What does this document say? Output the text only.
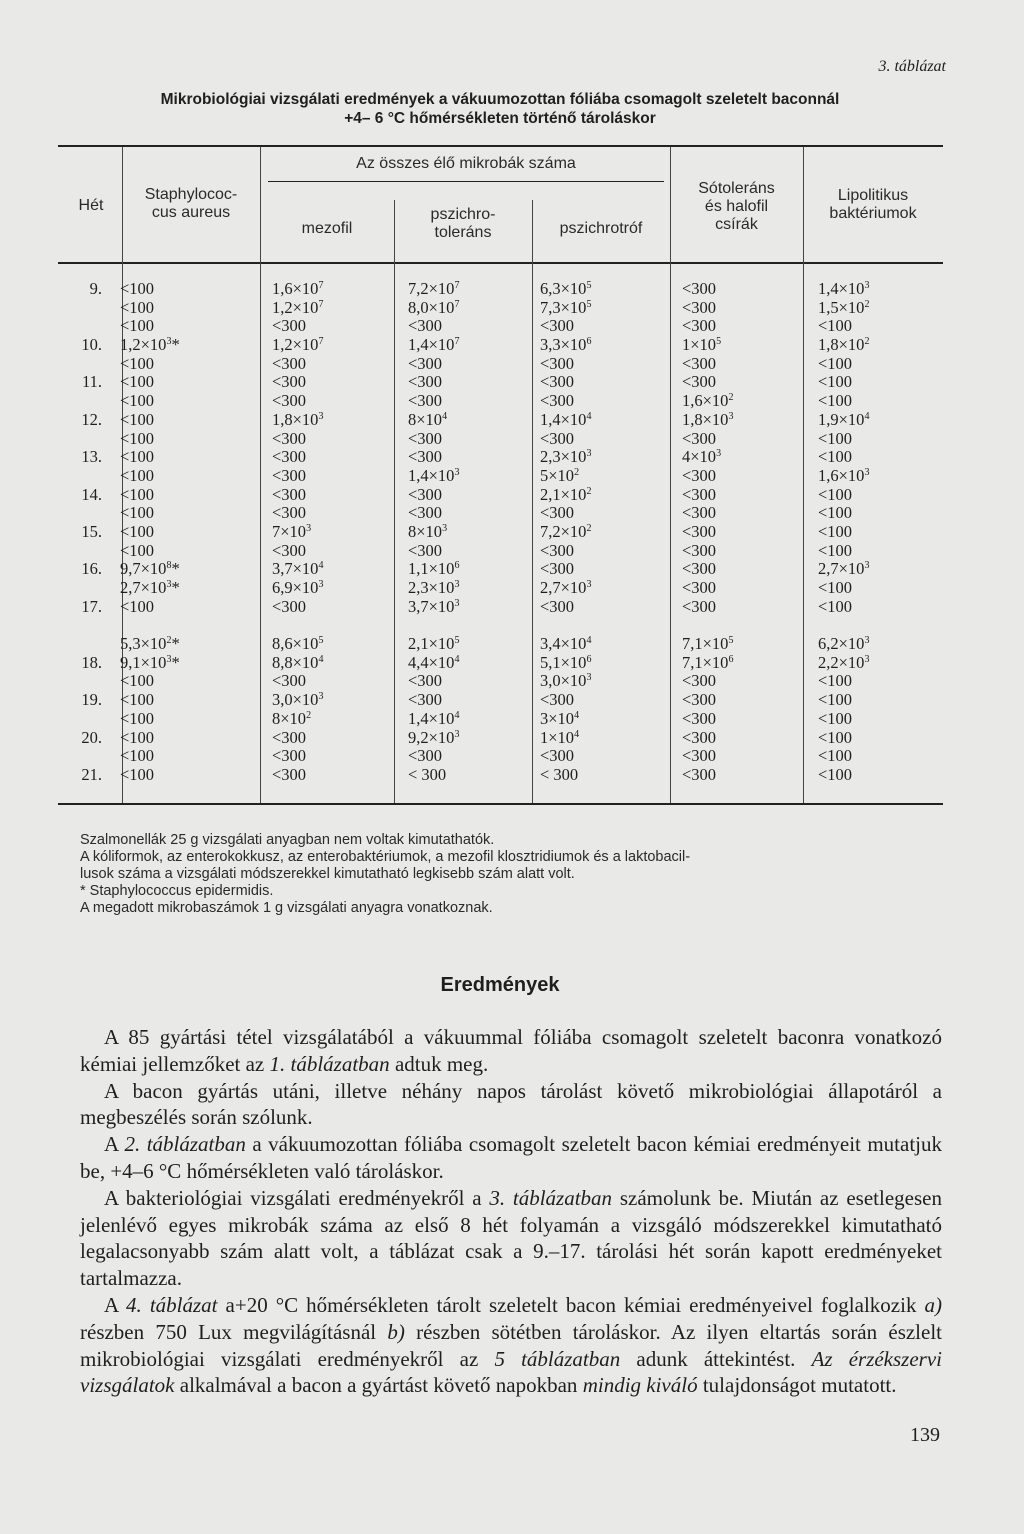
3. táblázat
Mikrobiológiai vizsgálati eredmények a vákuumozottan fóliába csomagolt szeletelt baconnál
+4– 6 °C hőmérsékleten történő tároláskor
Hét
Staphylococ-
cus aureus
Az összes élő mikrobák száma
mezofil
pszichro-
toleráns	pszichrotróf
Sótoleráns
és halofil
csírák
Lipolitikus
baktériumok
9.
10.
11.
12.
13.
14.
15.
16.
17.
18.
19.
20.
21.
<100
<100
<100
$1,2\times 10^3*$
<100
<100
<100
<100
<100
<100
<100
<100
<100
<100
<100
$9,7\times 10^8*$
$2,7\times 10^3*$
<100
$5,3\times 10^2*$
$9,1\times 10^3*$
<100
<100
<100
<100
<100
<100
$1,6\times 10^7$
$1,2\times 10^7$
<300
$1,2\times 10^7$
<300
<300
<300
$1,8\times 10^3$
<300
<300
<300
<300
<300
$7\times 10^3$
<300
$3,7\times 10^4$
$6,9\times 10^3$
<300
$8,6\times 10^5$
$8,8\times 10^4$
<300
$3,0\times 10^3$
$8\times 10^2$
<300
<300
<300
$7,2\times 10^7$
$8,0\times 10^7$
<300
$1,4\times 10^7$
<300
<300
<300
$8\times 10^4$
<300
<300
$1,4\times 10^3$
<300
<300
$8\times 10^3$
<300
$1,1\times 10^6$
$2,3\times 10^3$
$3,7\times 10^3$
$2,1\times 10^5$
$4,4\times 10^4$
<300
<300
$1,4\times 10^4$
$9,2\times 10^3$
<300
< 300
$6,3\times 10^5$
$7,3\times 10^5$
<300
$3,3\times 10^6$
<300
<300
<300
$1,4\times 10^4$
<300
$2,3\times 10^3$
$5\times 10^2$
$2,1\times 10^2$
<300
$7,2\times 10^2$
<300
<300
$2,7\times 10^3$
<300
$3,4\times 10^4$
$5,1\times 10^6$
$3,0\times 10^3$
<300
$3\times 10^4$
$1\times 10^4$
<300
< 300
<300
<300
<300
$1\times 10^5$
<300
<300
$1,6\times 10^2$
$1,8\times 10^3$
<300
$4\times 10^3$
<300
<300
<300
<300
<300
<300
<300
<300
$7,1\times 10^5$
$7,1\times 10^6$
<300
<300
<300
<300
<300
<300
$1,4\times 10^3$
$1,5\times 10^2$
<100
$1,8\times 10^2$
<100
<100
<100
$1,9\times 10^4$
<100
<100
$1,6\times 10^3$
<100
<100
<100
<100
$2,7\times 10^3$
<100
<100
$6,2\times 10^3$
$2,2\times 10^3$
<100
<100
<100
<100
<100
<100
Szalmonellák 25 g vizsgálati anyagban nem voltak kimutathatók.
A kóliformok, az enterokokkusz, az enterobaktériumok, a mezofil klosztridiumok és a laktobacil-
lusok száma a vizsgálati módszerekkel kimutatható legkisebb szám alatt volt.
* Staphylococcus epidermidis.
A megadott mikrobaszámok 1 g vizsgálati anyagra vonatkoznak.
Eredmények

A 85 gyártási tétel vizsgálatából a vákuummal fóliába csomagolt szeletelt baconra vonatkozó kémiai jellemzőket az 1. táblázatban adtuk meg.

A bacon gyártás utáni, illetve néhány napos tárolást követő mikrobiológiai állapotáról a megbeszélés során szólunk.

A 2. táblázatban a vákuumozottan fóliába csomagolt szeletelt bacon kémiai eredményeit mutatjuk be, +4–6 °C hőmérsékleten való tároláskor.

A bakteriológiai vizsgálati eredményekről a 3. táblázatban számolunk be. Miután az esetlegesen jelenlévő egyes mikrobák száma az első 8 hét folyamán a vizsgáló módszerekkel kimutatható legalacsonyabb szám alatt volt, a táblázat csak a 9.–17. tárolási hét során kapott eredményeket tartalmazza.

A 4. táblázat a+20 °C hőmérsékleten tárolt szeletelt bacon kémiai eredményeivel foglalkozik a) részben 750 Lux megvilágításnál b) részben sötétben tároláskor. Az ilyen eltartás során észlelt mikrobiológiai vizsgálati eredményekről az 5 táblázatban adunk áttekintést. Az érzékszervi vizsgálatok alkalmával a bacon a gyártást követő napokban mindig kiváló tulajdonságot mutatott.

139
